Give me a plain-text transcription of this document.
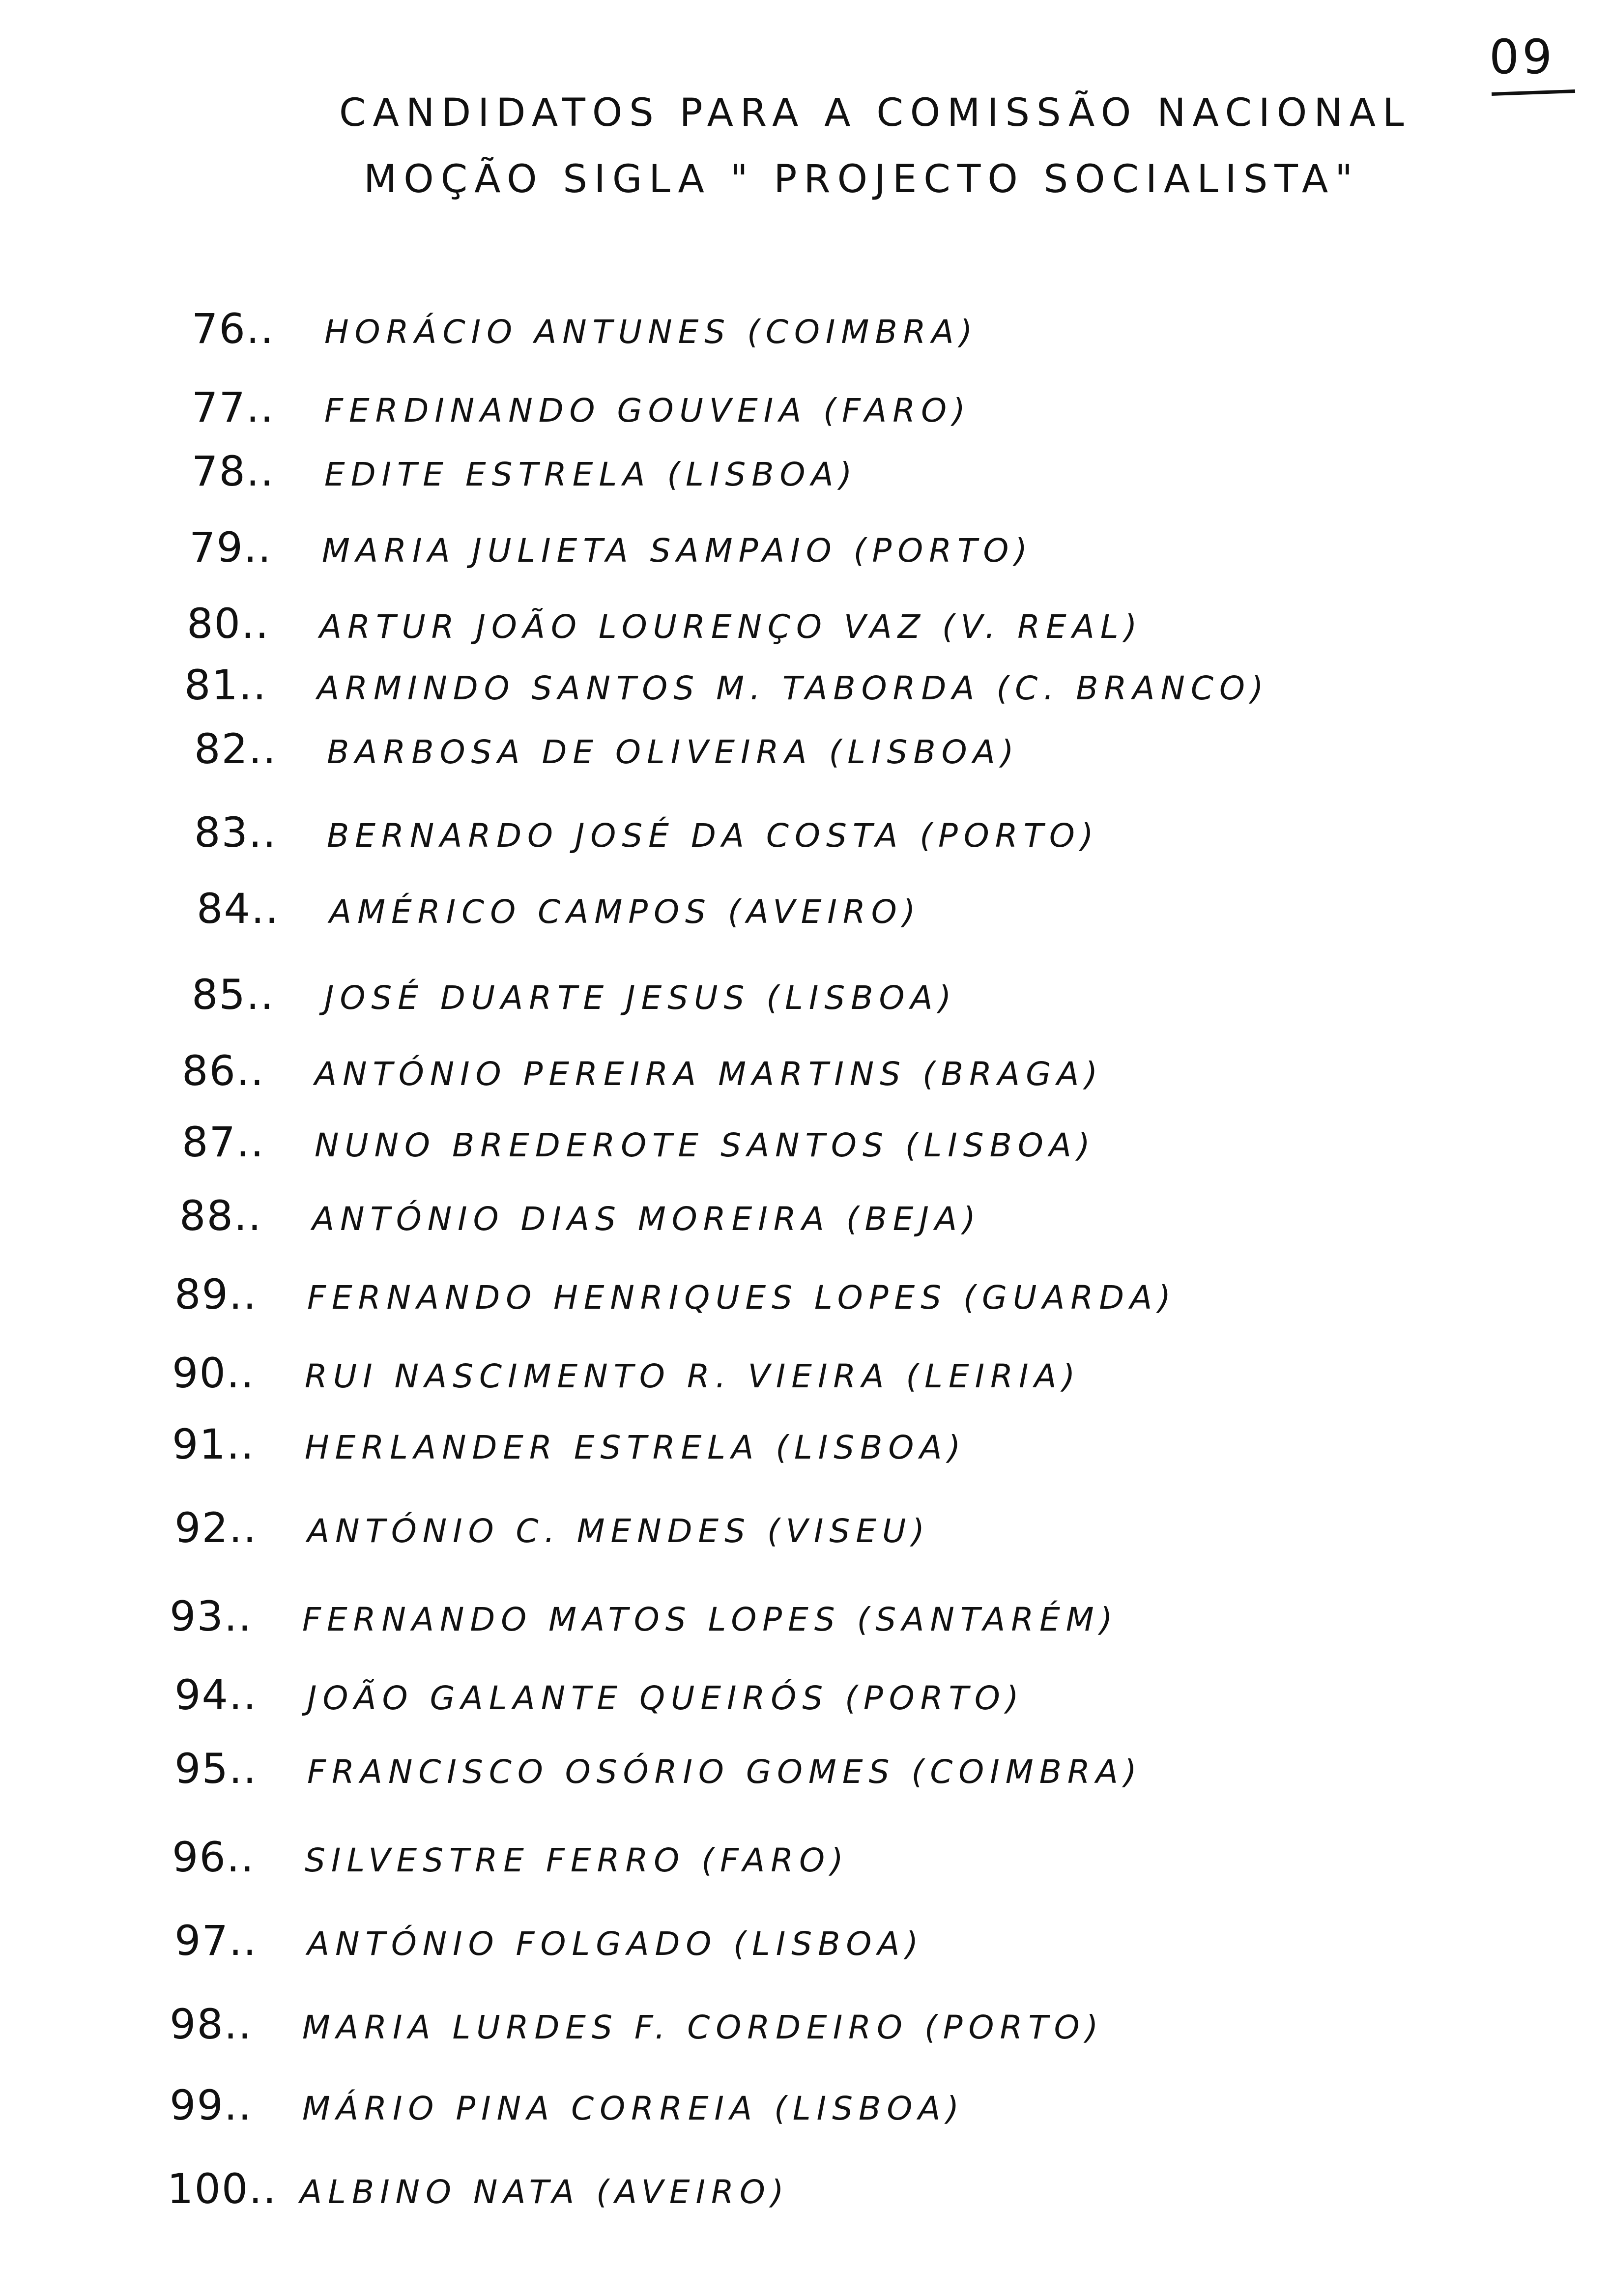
09
CANDIDATOS PARA A COMISSÃO NACIONAL
MOÇÃO SIGLA " PROJECTO SOCIALISTA"
76..	HORÁCIO ANTUNES (COIMBRA)
77..	FERDINANDO GOUVEIA (FARO)
78..	EDITE ESTRELA (LISBOA)
79..	MARIA JULIETA SAMPAIO (PORTO)
80..	ARTUR JOÃO LOURENÇO VAZ (V. REAL)
81..	ARMINDO SANTOS M. TABORDA (C. BRANCO)
82..	BARBOSA DE OLIVEIRA (LISBOA)
83..	BERNARDO JOSÉ DA COSTA (PORTO)
84..	AMÉRICO CAMPOS (AVEIRO)
85..	JOSÉ DUARTE JESUS (LISBOA)
86..	ANTÓNIO PEREIRA MARTINS (BRAGA)
87..	NUNO BREDEROTE SANTOS (LISBOA)
88..	ANTÓNIO DIAS MOREIRA (BEJA)
89..	FERNANDO HENRIQUES LOPES (GUARDA)
90..	RUI NASCIMENTO R. VIEIRA (LEIRIA)
91..	HERLANDER ESTRELA (LISBOA)
92..	ANTÓNIO C. MENDES (VISEU)
93..	FERNANDO MATOS LOPES (SANTARÉM)
94..	JOÃO GALANTE QUEIRÓS (PORTO)
95..	FRANCISCO OSÓRIO GOMES (COIMBRA)
96..	SILVESTRE FERRO (FARO)
97..	ANTÓNIO FOLGADO (LISBOA)
98..	MARIA LURDES F. CORDEIRO (PORTO)
99..	MÁRIO PINA CORREIA (LISBOA)
100.. ALBINO NATA (AVEIRO)
